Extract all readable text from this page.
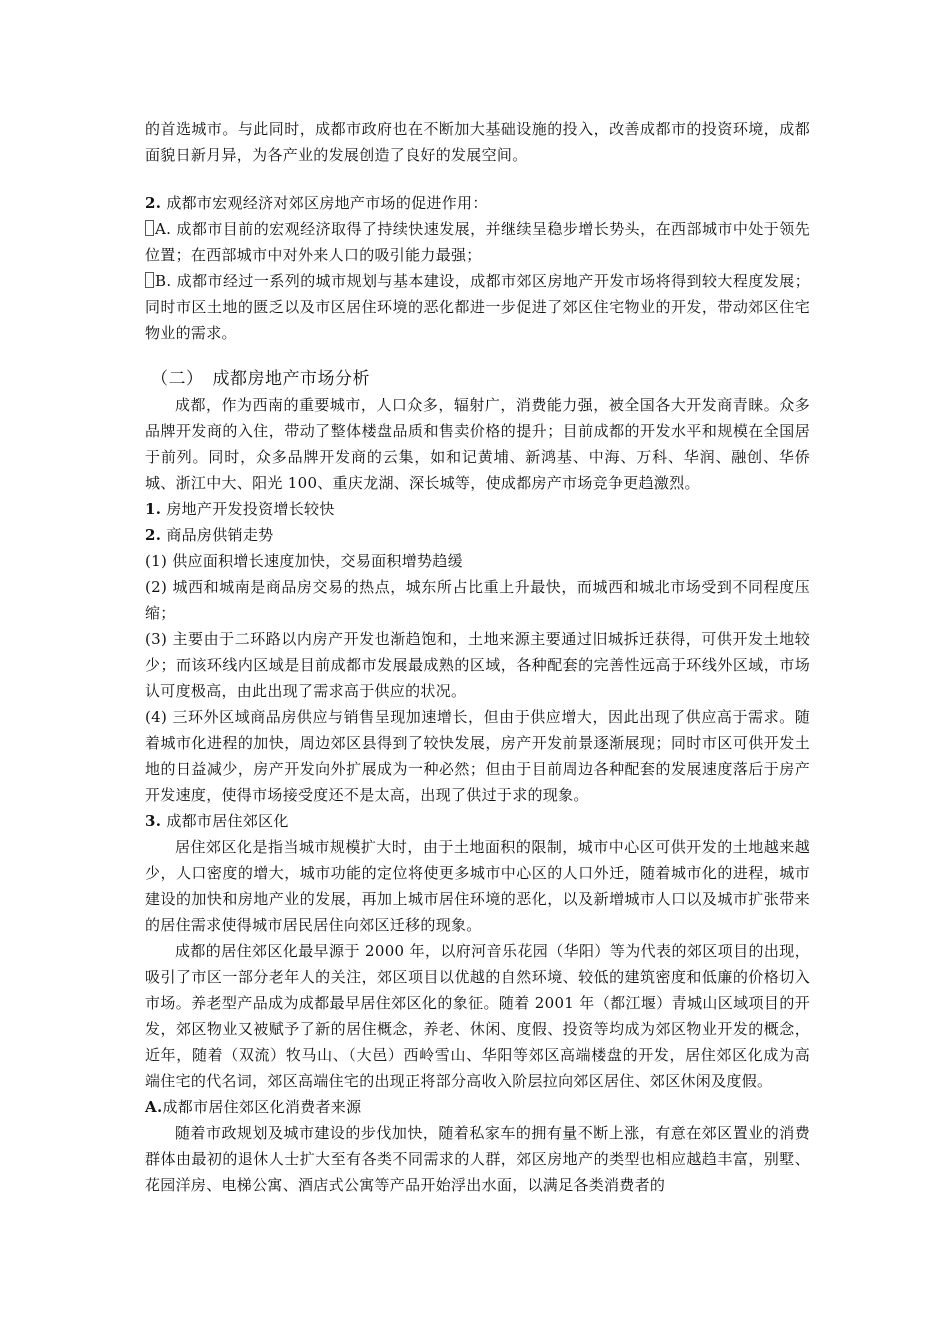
的首选城市。与此同时，成都市政府也在不断加大基础设施的投入，改善成都市的投资环境，成都面貌日新月异，为各产业的发展创造了良好的发展空间。

2. 成都市宏观经济对郊区房地产市场的促进作用：

A. 成都市目前的宏观经济取得了持续快速发展，并继续呈稳步增长势头，在西部城市中处于领先位置；在西部城市中对外来人口的吸引能力最强；

B. 成都市经过一系列的城市规划与基本建设，成都市郊区房地产开发市场将得到较大程度发展；同时市区土地的匮乏以及市区居住环境的恶化都进一步促进了郊区住宅物业的开发，带动郊区住宅物业的需求。

（二）　成都房地产市场分析

成都，作为西南的重要城市，人口众多，辐射广，消费能力强，被全国各大开发商青睐。众多品牌开发商的入住，带动了整体楼盘品质和售卖价格的提升；目前成都的开发水平和规模在全国居于前列。同时，众多品牌开发商的云集，如和记黄埔、新鸿基、中海、万科、华润、融创、华侨城、浙江中大、阳光 100、重庆龙湖、深长城等，使成都房产市场竞争更趋激烈。

1. 房地产开发投资增长较快

2. 商品房供销走势

(1) 供应面积增长速度加快，交易面积增势趋缓

(2) 城西和城南是商品房交易的热点，城东所占比重上升最快，而城西和城北市场受到不同程度压缩；

(3) 主要由于二环路以内房产开发也渐趋饱和，土地来源主要通过旧城拆迁获得，可供开发土地较少；而该环线内区域是目前成都市发展最成熟的区域，各种配套的完善性远高于环线外区域，市场认可度极高，由此出现了需求高于供应的状况。

(4) 三环外区域商品房供应与销售呈现加速增长，但由于供应增大，因此出现了供应高于需求。随着城市化进程的加快，周边郊区县得到了较快发展，房产开发前景逐渐展现；同时市区可供开发土地的日益减少，房产开发向外扩展成为一种必然；但由于目前周边各种配套的发展速度落后于房产开发速度，使得市场接受度还不是太高，出现了供过于求的现象。

3. 成都市居住郊区化

居住郊区化是指当城市规模扩大时，由于土地面积的限制，城市中心区可供开发的土地越来越少，人口密度的增大，城市功能的定位将使更多城市中心区的人口外迁，随着城市化的进程，城市建设的加快和房地产业的发展，再加上城市居住环境的恶化，以及新增城市人口以及城市扩张带来的居住需求使得城市居民居住向郊区迁移的现象。

成都的居住郊区化最早源于 2000 年，以府河音乐花园（华阳）等为代表的郊区项目的出现，吸引了市区一部分老年人的关注，郊区项目以优越的自然环境、较低的建筑密度和低廉的价格切入市场。养老型产品成为成都最早居住郊区化的象征。随着 2001 年（都江堰）青城山区域项目的开发，郊区物业又被赋予了新的居住概念，养老、休闲、度假、投资等均成为郊区物业开发的概念，近年，随着（双流）牧马山、（大邑）西岭雪山、华阳等郊区高端楼盘的开发，居住郊区化成为高端住宅的代名词，郊区高端住宅的出现正将部分高收入阶层拉向郊区居住、郊区休闲及度假。

A.成都市居住郊区化消费者来源

随着市政规划及城市建设的步伐加快，随着私家车的拥有量不断上涨，有意在郊区置业的消费群体由最初的退休人士扩大至有各类不同需求的人群，郊区房地产的类型也相应越趋丰富，别墅、花园洋房、电梯公寓、酒店式公寓等产品开始浮出水面，以满足各类消费者的
